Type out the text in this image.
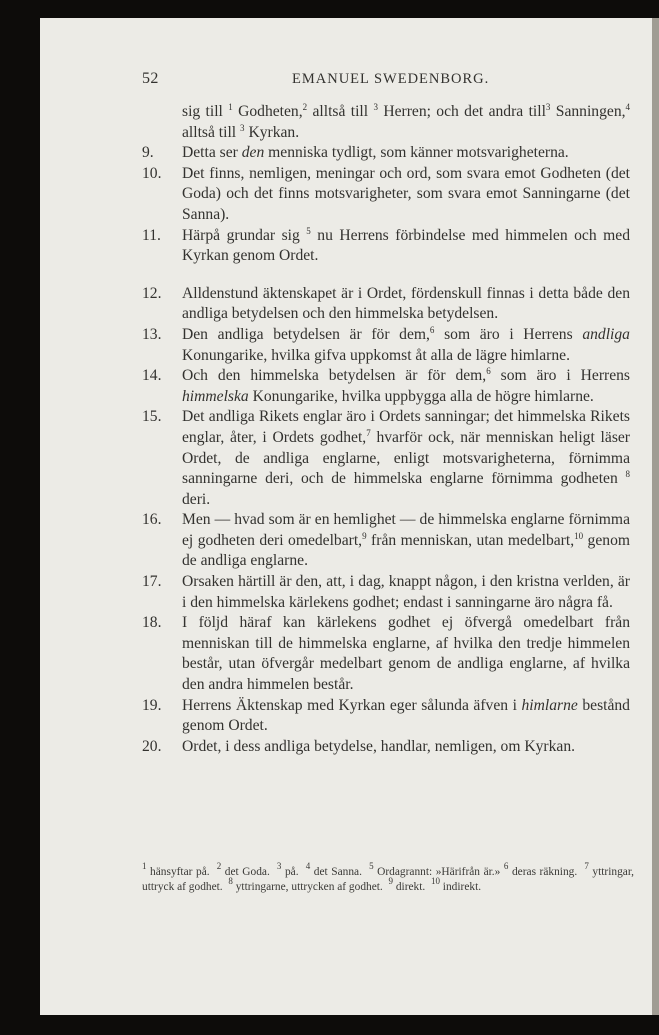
52	EMANUEL SWEDENBORG.

sig till $^1$ Godheten,$^2$ alltså till $^3$ Herren; och det andra till$^3$ Sanningen,$^4$ alltså till $^3$ Kyrkan.

9.	Detta ser den menniska tydligt, som känner motsvarigheterna.

10.	Det finns, nemligen, meningar och ord, som svara emot Godheten (det Goda) och det finns motsvarigheter, som svara emot Sanningarne (det Sanna).

11.	Härpå grundar sig $^5$ nu Herrens förbindelse med himmelen och med Kyrkan genom Ordet.

12.	Alldenstund äktenskapet är i Ordet, fördenskull finnas i detta både den andliga betydelsen och den himmelska betydelsen.

13.	Den andliga betydelsen är för dem,$^6$ som äro i Herrens andliga Konungarike, hvilka gifva uppkomst åt alla de lägre himlarne.

14.	Och den himmelska betydelsen är för dem,$^6$ som äro i Herrens himmelska Konungarike, hvilka uppbygga alla de högre himlarne.

15.	Det andliga Rikets englar äro i Ordets sanningar; det himmelska Rikets englar, åter, i Ordets godhet,$^7$ hvarför ock, när menniskan heligt läser Ordet, de andliga englarne, enligt motsvarigheterna, förnimma sanningarne deri, och de himmelska englarne förnimma godheten $^8$ deri.

16.	Men — hvad som är en hemlighet — de himmelska englarne förnimma ej godheten deri omedelbart,$^9$ från menniskan, utan medelbart,$^{10}$ genom de andliga englarne.

17.	Orsaken härtill är den, att, i dag, knappt någon, i den kristna verlden, är i den himmelska kärlekens godhet; endast i sanningarne äro några få.

18.	I följd häraf kan kärlekens godhet ej öfvergå omedelbart från menniskan till de himmelska englarne, af hvilka den tredje himmelen består, utan öfvergår medelbart genom de andliga englarne, af hvilka den andra himmelen består.

19.	Herrens Äktenskap med Kyrkan eger sålunda äfven i himlarne bestånd genom Ordet.

20.	Ordet, i dess andliga betydelse, handlar, nemligen, om Kyrkan.

$^1$ hänsyftar på.  $^2$ det Goda.  $^3$ på.  $^4$ det Sanna.  $^5$ Ordagrannt: »Härifrån är.» $^6$ deras räkning.  $^7$ yttringar, uttryck af godhet.  $^8$ yttringarne, uttrycken af godhet.  $^9$ direkt.  $^{10}$ indirekt.
